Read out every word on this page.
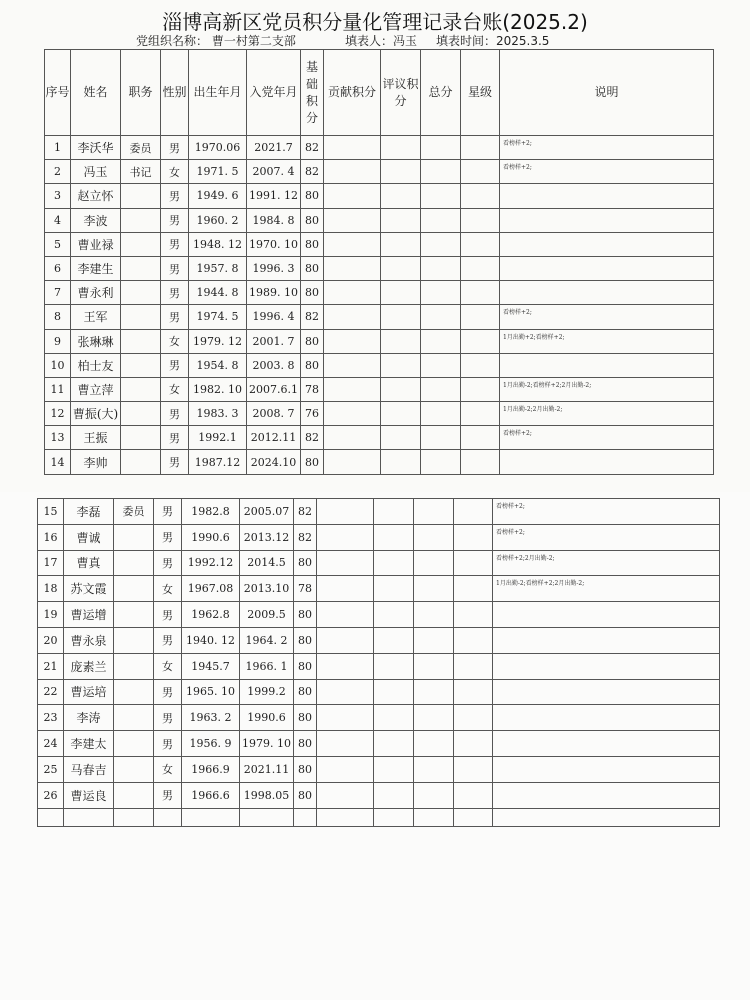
淄博高新区党员积分量化管理记录台账(2025.2)
党组织名称： 曹一村第二支部	填表人：冯玉 填表时间：2025.3.5
序号	姓名	职务	性别	出生年月	入党年月	基础积分	贡献积分	评议积分	总分	星级	说明
1	李沃华	委员	男	1970.06	2021.7	82					看榜样+2;
2	冯玉	书记	女	1971. 5	2007. 4	82					看榜样+2;
3	赵立怀		男	1949. 6	1991. 12	80					
4	李波		男	1960. 2	1984. 8	80					
5	曹业禄		男	1948. 12	1970. 10	80					
6	李建生		男	1957. 8	1996. 3	80					
7	曹永利		男	1944. 8	1989. 10	80					
8	王军		男	1974. 5	1996. 4	82					看榜样+2;
9	张琳琳		女	1979. 12	2001. 7	80					1月出勤+2;看榜样+2;
10	柏士友		男	1954. 8	2003. 8	80					
11	曹立萍		女	1982. 10	2007.6.1	78					1月出勤-2;看榜样+2;2月出勤-2;
12	曹振(大)		男	1983. 3	2008. 7	76					1月出勤-2;2月出勤-2;
13	王振		男	1992.1	2012.11	82					看榜样+2;
14	李帅		男	1987.12	2024.10	80					
15	李磊	委员	男	1982.8	2005.07	82					看榜样+2;
16	曹诚		男	1990.6	2013.12	82					看榜样+2;
17	曹真		男	1992.12	2014.5	80					看榜样+2;2月出勤-2;
18	苏文霞		女	1967.08	2013.10	78					1月出勤-2;看榜样+2;2月出勤-2;
19	曹运增		男	1962.8	2009.5	80					
20	曹永泉		男	1940. 12	1964. 2	80					
21	庞素兰		女	1945.7	1966. 1	80					
22	曹运培		男	1965. 10	1999.2	80					
23	李涛		男	1963. 2	1990.6	80					
24	李建太		男	1956. 9	1979. 10	80					
25	马春吉		女	1966.9	2021.11	80					
26	曹运良		男	1966.6	1998.05	80					
